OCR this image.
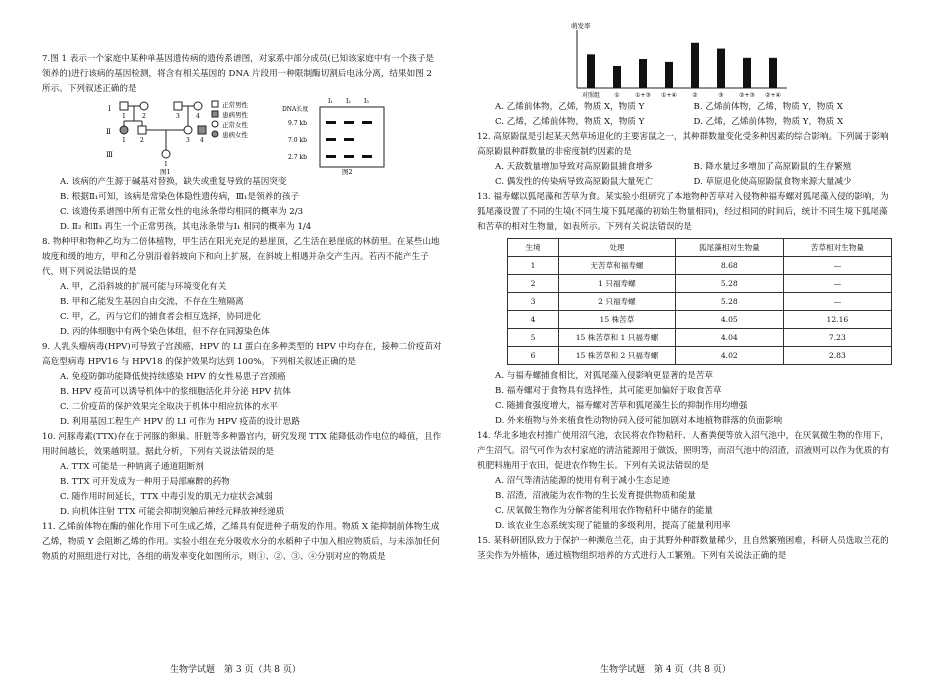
7.图 1 表示一个家庭中某种单基因遗传病的遗传系谱图，对家系中部分成员(已知该家庭中有一个孩子是领养的)进行该病的基因检测，将含有相关基因的 DNA 片段用一种限制酶切割后电泳分离，结果如图 2 所示。下列叙述正确的是

Ⅰ
Ⅱ
Ⅲ
1	2	3	4
1 2	3 4
1
图1
正常男性
患病男性
正常女性
患病女性
DNA长度
Ⅰ₁ Ⅰ₂ Ⅰ₃
9.7 kb
7.0 kb
2.7 kb
图2

A. 该病的产生源于碱基对替换，缺失或重复导致的基因突变

B. 根据Ⅱ₁可知，该病是常染色体隐性遗传病，Ⅲ₁是领养的孩子

C. 该遗传系谱图中所有正常女性的电泳条带均相同的概率为 2/3

D. Ⅱ₂ 和Ⅱ₃ 再生一个正常男孩，其电泳条带与Ⅰ₁ 相同的概率为 1/4

8. 物种甲和物种乙均为二倍体植物，甲生活在阳光充足的悬崖顶，乙生活在悬崖底的林荫里。在某些山地坡度和缓的地方，甲和乙分别沿着斜坡向下和向上扩展，在斜坡上相遇并杂交产生丙。若丙不能产生子代，则下列说法错误的是

A. 甲，乙沿斜坡的扩展可能与环境变化有关

B. 甲和乙能发生基因自由交流，不存在生殖隔离

C. 甲，乙，丙与它们的捕食者会相互选择，协同进化

D. 丙的体细胞中有两个染色体组，但不存在同源染色体

9. 人乳头瘤病毒(HPV)可导致子宫颈癌，HPV 的 LI 蛋白在多种类型的 HPV 中均存在，接种二价疫苗对高危型病毒 HPV16 与 HPV18 的保护效果均达到 100%。下列相关叙述正确的是

A. 免疫防御功能降低使持续感染 HPV 的女性易患子宫颈癌

B. HPV 疫苗可以诱导机体中的浆细胞活化并分泌 HPV 抗体

C. 二价疫苗的保护效果完全取决于机体中相应抗体的水平

D. 利用基因工程生产 HPV 的 LI 可作为 HPV 疫苗的设计思路

10. 河豚毒素(TTX)存在于河豚的卵巢、肝脏等多种器官内，研究发现 TTX 能降低动作电位的峰值，且作用时间越长，效果越明显。据此分析，下列有关说法错误的是

A. TTX 可能是一种钠离子通道阻断剂

B. TTX 可开发成为一种用于局部麻醉的药物

C. 随作用时间延长，TTX 中毒引发的肌无力症状会减弱

D. 向机体注射 TTX 可能会抑制突触后神经元释放神经递质

11. 乙烯前体物在酶的催化作用下可生成乙烯，乙烯具有促进种子萌发的作用。物质 X 能抑制前体物生成乙烯，物质 Y 会阻断乙烯的作用。实验小组在充分吸收水分的水稻种子中加入相应物质后，与未添加任何物质的对照组进行对比，各组的萌发率变化如图所示，则①、②、③、④分别对应的物质是

生物学试题　第 3 页（共 8 页）
萌发率
对照组 ①	①+③ ①+④	②	③	②+③ ②+④
A. 乙烯前体物，乙烯，物质 X，物质 Y	B. 乙烯前体物，乙烯，物质 Y，物质 X
C. 乙烯，乙烯前体物，物质 X，物质 Y	D. 乙烯，乙烯前体物，物质 Y，物质 X

12. 高原鼢鼠是引起某天然草场退化的主要害鼠之一，其种群数量变化受多种因素的综合影响。下列属于影响高原鼢鼠种群数量的非密度制约因素的是

A. 天敌数量增加导致对高原鼢鼠捕食增多	B. 降水量过多增加了高原鼢鼠的生存繁殖
C. 偶发性的传染病导致高原鼢鼠大量死亡	D. 草原退化使高原鼢鼠食物来源大量减少

13. 福寿螺以狐尾藻和苦草为食。某实验小组研究了本地物种苦草对入侵物种福寿螺对狐尾藻入侵的影响，为狐尾藻设置了不同的生境(不同生境下狐尾藻的初始生物量相同)，经过相同的时间后，统计不同生境下狐尾藻和苦草的相对生物量，如表所示。下列有关说法错误的是

生境	处理	狐尾藻相对生物量	苦草相对生物量
1	无苦草和福寿螺	8.68	—
2	1 只福寿螺	5.28	—
3	2 只福寿螺	5.28	—
4	15 株苦草	4.05	12.16
5	15 株苦草和 1 只福寿螺	4.04	7.23
6	15 株苦草和 2 只福寿螺	4.02	2.83

A. 与福寿螺捕食相比，对狐尾藻入侵影响更显著的是苦草

B. 福寿螺对于食物具有选择性，其可能更加偏好于取食苦草

C. 随捕食强度增大，福寿螺对苦草和狐尾藻生长的抑制作用均增强

D. 外来植物与外来植食性动物协同入侵可能加剧对本地植物群落的负面影响

14. 华北多地农村推广使用沼气池，农民将农作物秸秆、人畜粪便等放入沼气池中，在厌氧微生物的作用下，产生沼气。沼气可作为农村家庭的清洁能源用于做饭，照明等，而沼气池中的沼渣，沼液则可以作为优质的有机肥料施用于农田，促进农作物生长。下列有关说法错误的是

A. 沼气等清洁能源的使用有利于减小生态足迹

B. 沼渣，沼液能为农作物的生长发育提供物质和能量

C. 厌氧微生物作为分解者能利用农作物秸秆中储存的能量

D. 该农业生态系统实现了能量的多级利用，提高了能量利用率

15. 某科研团队致力于保护一种濒危兰花，由于其野外种群数量稀少，且自然繁殖困难，科研人员选取兰花的茎尖作为外植体，通过植物组织培养的方式进行人工繁殖。下列有关说法正确的是

生物学试题　第 4 页（共 8 页）
